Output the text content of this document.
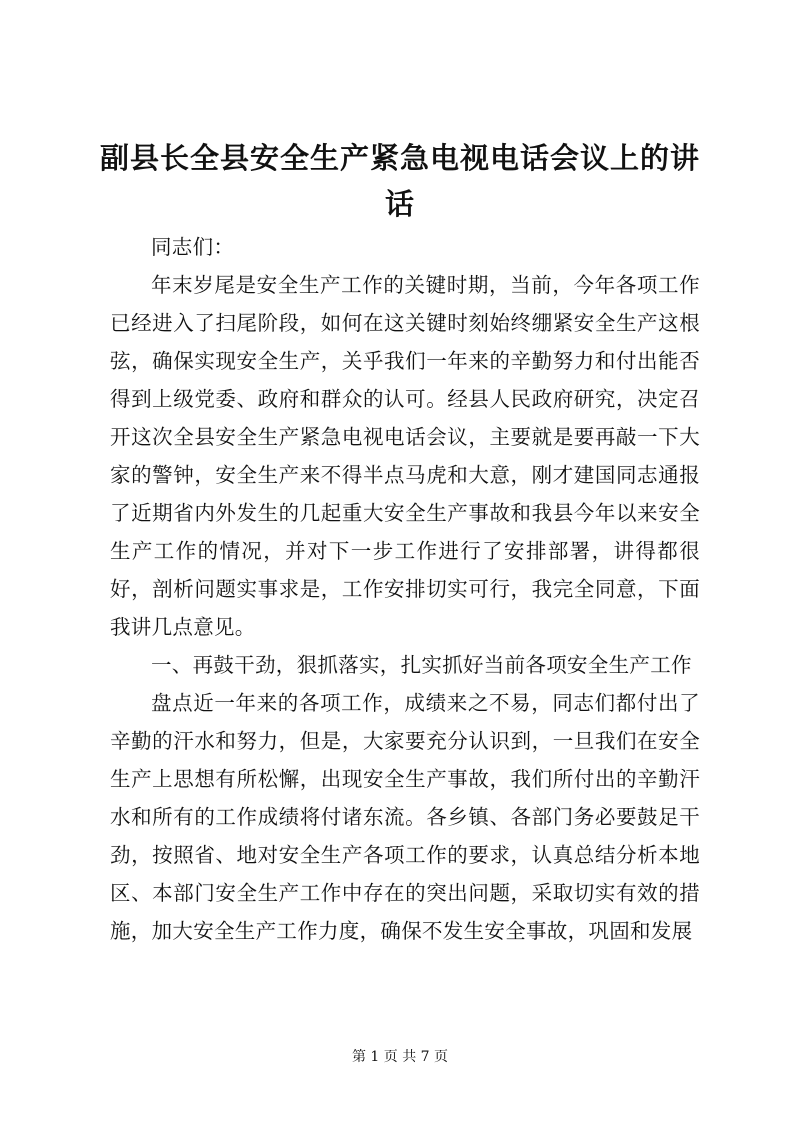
副县长全县安全生产紧急电视电话会议上的讲话

同志们：

年末岁尾是安全生产工作的关键时期，当前，今年各项工作已经进入了扫尾阶段，如何在这关键时刻始终绷紧安全生产这根弦，确保实现安全生产，关乎我们一年来的辛勤努力和付出能否得到上级党委、政府和群众的认可。经县人民政府研究，决定召开这次全县安全生产紧急电视电话会议，主要就是要再敲一下大家的警钟，安全生产来不得半点马虎和大意，刚才建国同志通报了近期省内外发生的几起重大安全生产事故和我县今年以来安全生产工作的情况，并对下一步工作进行了安排部署，讲得都很好，剖析问题实事求是，工作安排切实可行，我完全同意，下面我讲几点意见。

一、再鼓干劲，狠抓落实，扎实抓好当前各项安全生产工作

盘点近一年来的各项工作，成绩来之不易，同志们都付出了辛勤的汗水和努力，但是，大家要充分认识到，一旦我们在安全生产上思想有所松懈，出现安全生产事故，我们所付出的辛勤汗水和所有的工作成绩将付诸东流。各乡镇、各部门务必要鼓足干劲，按照省、地对安全生产各项工作的要求，认真总结分析本地区、本部门安全生产工作中存在的突出问题，采取切实有效的措施，加大安全生产工作力度，确保不发生安全事故，巩固和发展

第 1 页 共 7 页
